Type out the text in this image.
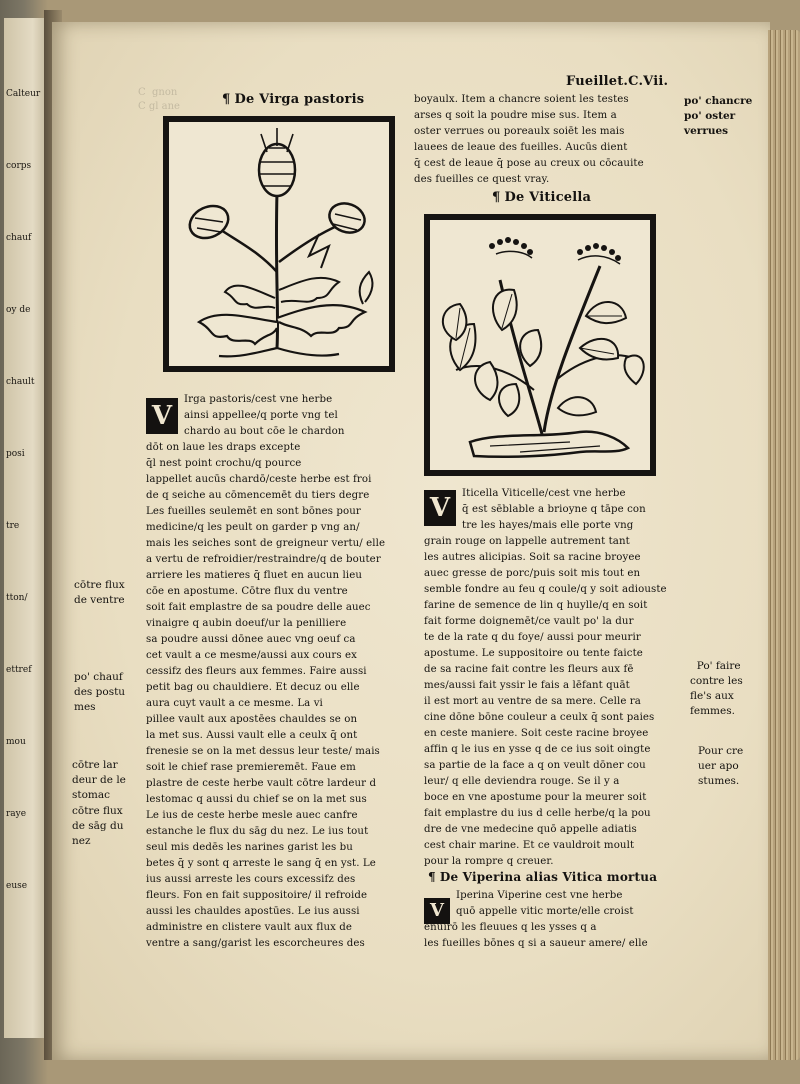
Calteur
corps
chauf
oy de
chault
posi
tre
tton/
ettref
mou
raye
euse
C  gnon
C gl ane

Fueillet.C.Vii.
¶ De Virga pastoris
V
Irga pastoris/cest vne herbe
ainsi appellee/q porte vng tel
chardo au bout cōe le chardon
dōt on laue les draps excepte
q̄l nest point crochu/q pource
lappellet aucūs chardō/ceste herbe est froi
de q seiche au cōmencemēt du tiers degre
Les fueilles seulemēt en sont bōnes pour
medicine/q les peult on garder p vng an/
mais les seiches sont de greigneur vertu/ elle
a vertu de refroidier/restraindre/q de bouter
arriere les matieres q̄ fluet en aucun lieu
cōe en apostume. Cōtre flux du ventre
soit fait emplastre de sa poudre delle auec
vinaigre q aubin doeuf/ur la penilliere
sa poudre aussi dōnee auec vng oeuf ca
cet vault a ce mesme/aussi aux cours ex
cessifz des fleurs aux femmes. Faire aussi
petit bag ou chauldiere. Et decuz ou elle
aura cuyt vault a ce mesme. La vi
pillee vault aux apostēes chauldes se on
la met sus. Aussi vault elle a ceulx q̄ ont
frenesie se on la met dessus leur teste/ mais
soit le chief rase premieremēt. Faue em
plastre de ceste herbe vault cōtre lardeur d
lestomac q aussi du chief se on la met sus
Le ius de ceste herbe mesle auec canfre
estanche le flux du sāg du nez. Le ius tout
seul mis dedēs les narines garist les bu
betes q̄ y sont q arreste le sang q̄ en yst. Le
ius aussi arreste les cours excessifz des
fleurs. Fon en fait suppositoire/ il refroide
aussi les chauldes apostūes. Le ius aussi
administre en clistere vault aux flux de
ventre a sang/garist les escorcheures des
cōtre flux
de ventre
po' chauf
des postu
mes
cōtre lar
deur de le
stomac
cōtre flux
de sāg du
nez
boyaulx. Item a chancre soient les testes
arses q soit la poudre mise sus. Item a
oster verrues ou poreaulx soiēt les mais
lauees de leaue des fueilles. Aucūs dient
q̄ cest de leaue q̄ pose au creux ou cōcauite
des fueilles ce quest vray.
po' chancre
po' oster
verrues
¶ De Viticella
V	Iticella Viticelle/cest vne herbe
q̄ est sēblable a brioyne q tāpe con
tre les hayes/mais elle porte vng
grain rouge on lappelle autrement tant
les autres alicipias. Soit sa racine broyee
auec gresse de porc/puis soit mis tout en
semble fondre au feu q coule/q y soit adiouste
farine de semence de lin q huylle/q en soit
fait forme doignemēt/ce vault po' la dur
te de la rate q du foye/ aussi pour meurir
apostume. Le suppositoire ou tente faicte
de sa racine fait contre les fleurs aux fē
mes/aussi fait yssir le fais a lēfant quāt
il est mort au ventre de sa mere. Celle ra
cine dōne bōne couleur a ceulx q̄ sont paies
en ceste maniere. Soit ceste racine broyee
affin q le ius en ysse q de ce ius soit oingte
sa partie de la face a q on veult dōner cou
leur/ q elle deviendra rouge. Se il y a
boce en vne apostume pour la meurer soit
fait emplastre du ius d celle herbe/q la pou
dre de vne medecine quō appelle adiatis
cest chair marine. Et ce vauldroit moult
pour la rompre q creuer.

Po' faire
contre les
fle's aux
femmes.

Pour cre
uer apo
stumes.
¶ De Viperina alias Vitica mortua
V
Iperina Viperine cest vne herbe
quō appelle vitic morte/elle croist
enuirō les fleuues q les ysses q a
les fueilles bōnes q si a saueur amere/ elle
